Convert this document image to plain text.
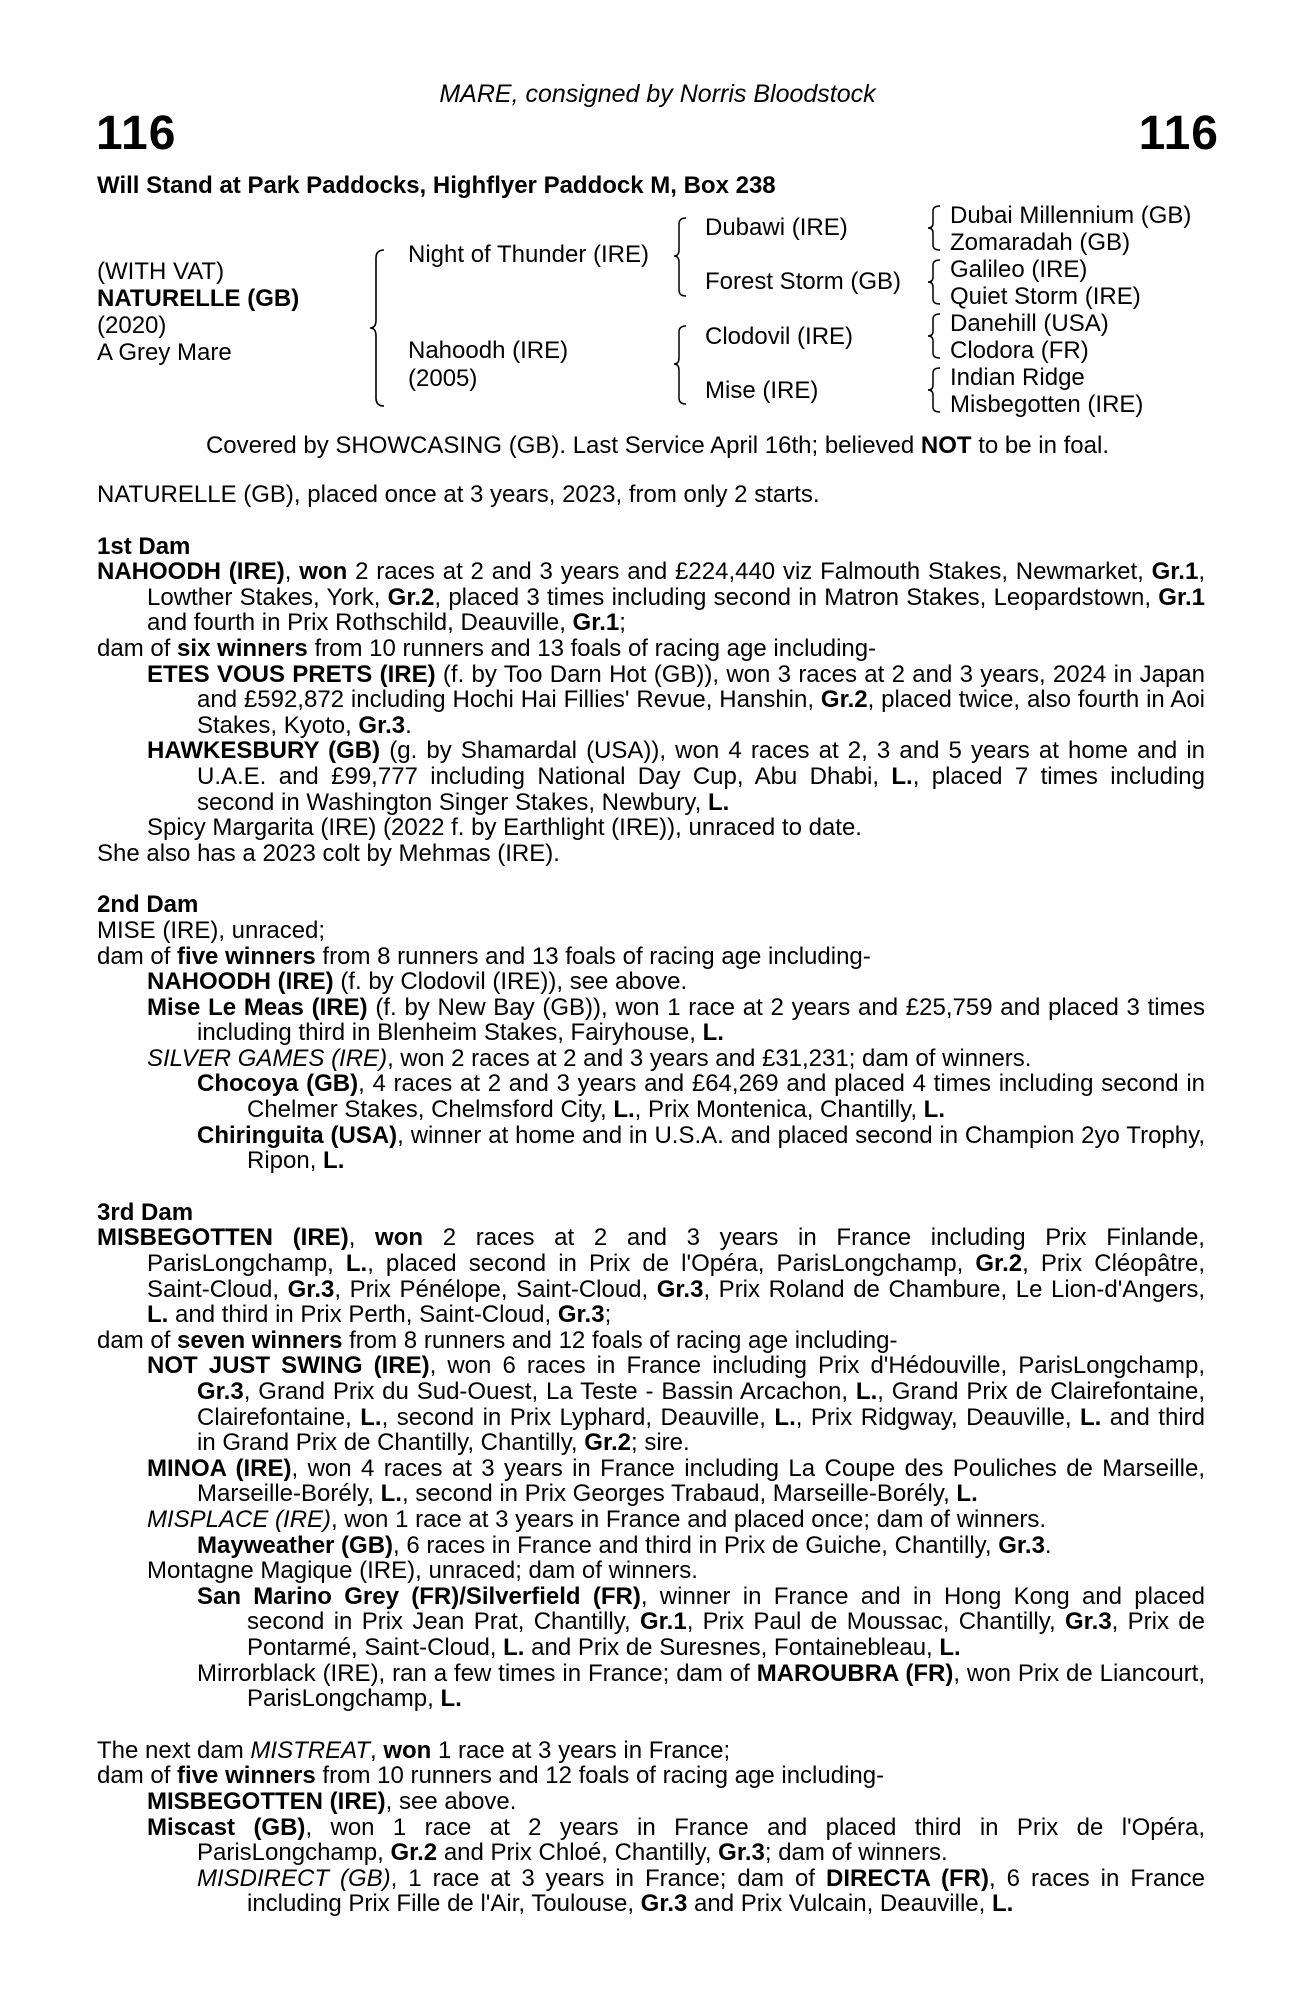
MARE, consigned by Norris Bloodstock
116	116
Will Stand at Park Paddocks, Highflyer Paddock M, Box 238
(WITH VAT)
NATURELLE (GB)
(2020)
A Grey Mare
Night of Thunder (IRE)
Nahoodh (IRE)
(2005)
Dubawi (IRE)
Forest Storm (GB)
Clodovil (IRE)
Mise (IRE)
Dubai Millennium (GB)
Zomaradah (GB)
Galileo (IRE)
Quiet Storm (IRE)
Danehill (USA)
Clodora (FR)
Indian Ridge
Misbegotten (IRE)
Covered by SHOWCASING (GB). Last Service April 16th; believed NOT to be in foal.

NATURELLE (GB), placed once at 3 years, 2023, from only 2 starts.

1st Dam

NAHOODH (IRE), won 2 races at 2 and 3 years and £224,440 viz Falmouth Stakes, Newmarket, Gr.1, Lowther Stakes, York, Gr.2, placed 3 times including second in Matron Stakes, Leopardstown, Gr.1 and fourth in Prix Rothschild, Deauville, Gr.1;

dam of six winners from 10 runners and 13 foals of racing age including-

ETES VOUS PRETS (IRE) (f. by Too Darn Hot (GB)), won 3 races at 2 and 3 years, 2024 in Japan and £592,872 including Hochi Hai Fillies' Revue, Hanshin, Gr.2, placed twice, also fourth in Aoi Stakes, Kyoto, Gr.3.

HAWKESBURY (GB) (g. by Shamardal (USA)), won 4 races at 2, 3 and 5 years at home and in U.A.E. and £99,777 including National Day Cup, Abu Dhabi, L., placed 7 times including second in Washington Singer Stakes, Newbury, L.

Spicy Margarita (IRE) (2022 f. by Earthlight (IRE)), unraced to date.

She also has a 2023 colt by Mehmas (IRE).

2nd Dam

MISE (IRE), unraced;

dam of five winners from 8 runners and 13 foals of racing age including-

NAHOODH (IRE) (f. by Clodovil (IRE)), see above.

Mise Le Meas (IRE) (f. by New Bay (GB)), won 1 race at 2 years and £25,759 and placed 3 times including third in Blenheim Stakes, Fairyhouse, L.

SILVER GAMES (IRE), won 2 races at 2 and 3 years and £31,231; dam of winners.

Chocoya (GB), 4 races at 2 and 3 years and £64,269 and placed 4 times including second in Chelmer Stakes, Chelmsford City, L., Prix Montenica, Chantilly, L.

Chiringuita (USA), winner at home and in U.S.A. and placed second in Champion 2yo Trophy, Ripon, L.

3rd Dam

MISBEGOTTEN (IRE), won 2 races at 2 and 3 years in France including Prix Finlande, ParisLongchamp, L., placed second in Prix de l'Opéra, ParisLongchamp, Gr.2, Prix Cléopâtre, Saint-Cloud, Gr.3, Prix Pénélope, Saint-Cloud, Gr.3, Prix Roland de Chambure, Le Lion-d'Angers, L. and third in Prix Perth, Saint-Cloud, Gr.3;

dam of seven winners from 8 runners and 12 foals of racing age including-

NOT JUST SWING (IRE), won 6 races in France including Prix d'Hédouville, ParisLongchamp, Gr.3, Grand Prix du Sud-Ouest, La Teste - Bassin Arcachon, L., Grand Prix de Clairefontaine, Clairefontaine, L., second in Prix Lyphard, Deauville, L., Prix Ridgway, Deauville, L. and third in Grand Prix de Chantilly, Chantilly, Gr.2; sire.

MINOA (IRE), won 4 races at 3 years in France including La Coupe des Pouliches de Marseille, Marseille-Borély, L., second in Prix Georges Trabaud, Marseille-Borély, L.

MISPLACE (IRE), won 1 race at 3 years in France and placed once; dam of winners.

Mayweather (GB), 6 races in France and third in Prix de Guiche, Chantilly, Gr.3.

Montagne Magique (IRE), unraced; dam of winners.

San Marino Grey (FR)/Silverfield (FR), winner in France and in Hong Kong and placed second in Prix Jean Prat, Chantilly, Gr.1, Prix Paul de Moussac, Chantilly, Gr.3, Prix de Pontarmé, Saint-Cloud, L. and Prix de Suresnes, Fontainebleau, L.

Mirrorblack (IRE), ran a few times in France; dam of MAROUBRA (FR), won Prix de Liancourt, ParisLongchamp, L.

The next dam MISTREAT, won 1 race at 3 years in France;

dam of five winners from 10 runners and 12 foals of racing age including-

MISBEGOTTEN (IRE), see above.

Miscast (GB), won 1 race at 2 years in France and placed third in Prix de l'Opéra, ParisLongchamp, Gr.2 and Prix Chloé, Chantilly, Gr.3; dam of winners.

MISDIRECT (GB), 1 race at 3 years in France; dam of DIRECTA (FR), 6 races in France including Prix Fille de l'Air, Toulouse, Gr.3 and Prix Vulcain, Deauville, L.
